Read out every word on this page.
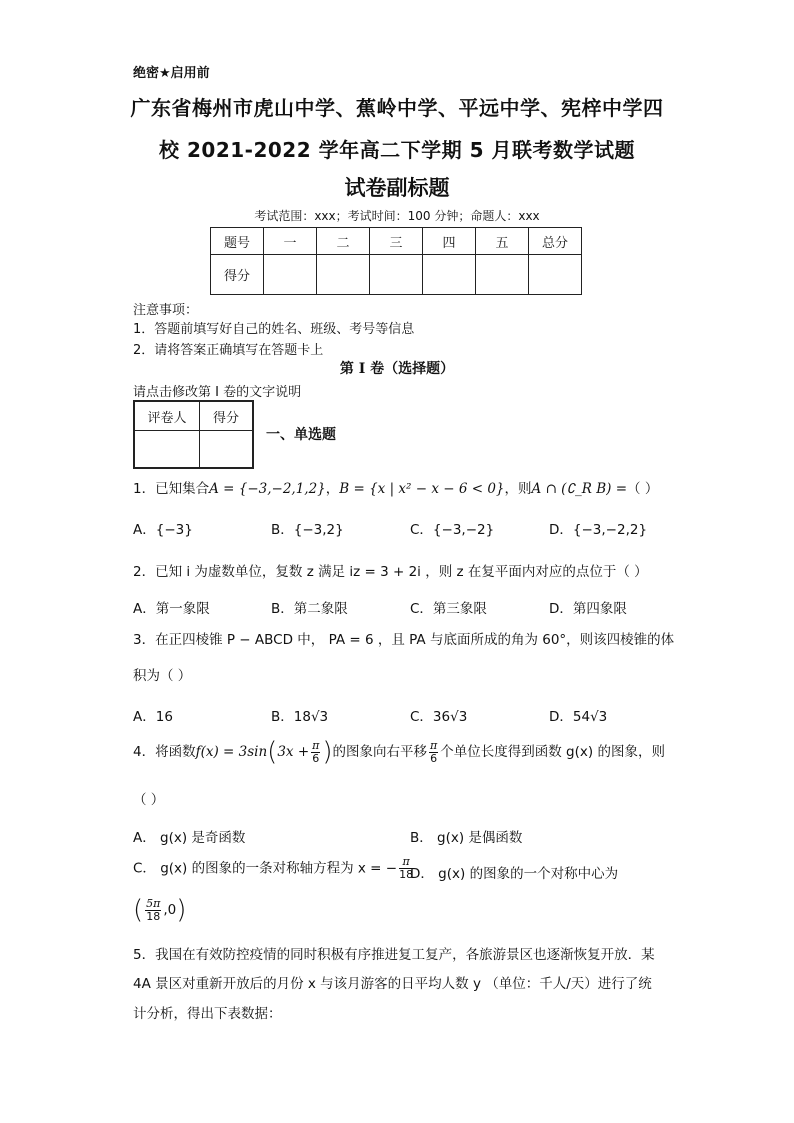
绝密★启用前
广东省梅州市虎山中学、蕉岭中学、平远中学、宪梓中学四
校 2021-2022 学年高二下学期 5 月联考数学试题
试卷副标题
考试范围：xxx；考试时间：100 分钟；命题人：xxx
题号	一	二	三	四	五	总分
得分						
注意事项：
1．答题前填写好自己的姓名、班级、考号等信息
2．请将答案正确填写在答题卡上
第 I 卷（选择题）
请点击修改第 I 卷的文字说明
评卷人	得分

一、单选题
1．已知集合A = {−3,−2,1,2}，B = {x | x² − x − 6 < 0}，则A ∩ (∁_R B) =（ ）
A．{−3}	B．{−3,2}	C．{−3,−2}	D．{−3,−2,2}
2．已知 i 为虚数单位，复数 z 满足 iz = 3 + 2i ，则 z 在复平面内对应的点位于（ ）
A．第一象限	B．第二象限	C．第三象限	D．第四象限
3．在正四棱锥 P − ABCD 中， PA = 6 ，且 PA 与底面所成的角为 60°，则该四棱锥的体
积为（ ）
A．16	B．18√3	C．36√3	D．54√3
4．将函数$f(x) = 3\sin(3x + \frac{\pi}{6}$ )的图象向右平移 $\frac{\pi}{6}$ 个单位长度得到函数 g(x) 的图象，则
（ ）
A． g(x) 是奇函数	B． g(x) 是偶函数
C． g(x) 的图象的一条对称轴方程为 x = − $\frac{\pi}{18}$
D． g(x) 的图象的一个对称中心为
( $\frac{5\pi}{18} ,0$)
5．我国在有效防控疫情的同时积极有序推进复工复产，各旅游景区也逐渐恢复开放．某
4A 景区对重新开放后的月份 x 与该月游客的日平均人数 y （单位：千人/天）进行了统
计分析，得出下表数据：
